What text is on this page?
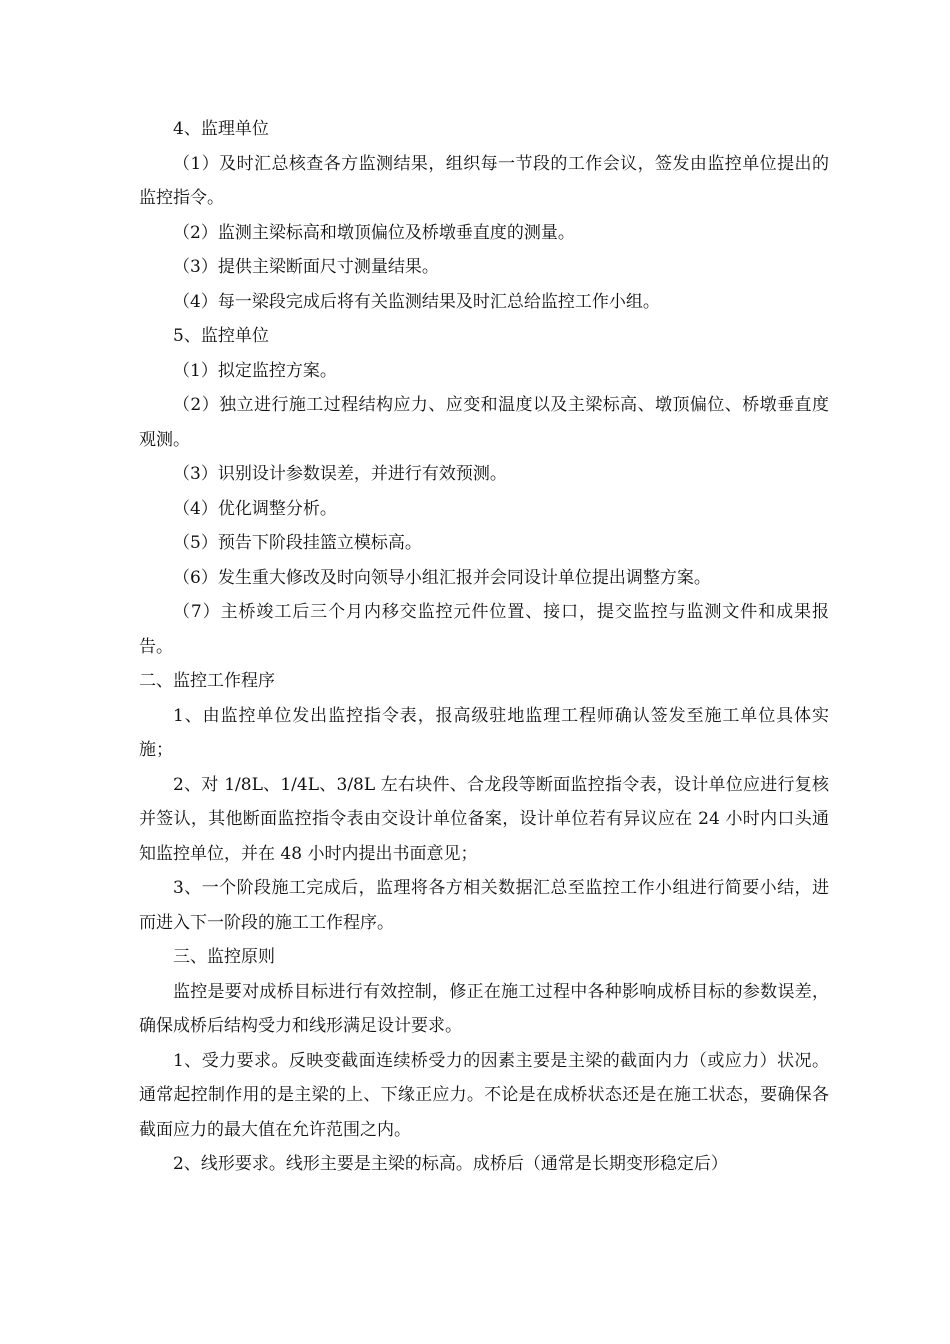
4、监理单位

（1）及时汇总核查各方监测结果，组织每一节段的工作会议，签发由监控单位提出的监控指令。

（2）监测主梁标高和墩顶偏位及桥墩垂直度的测量。

（3）提供主梁断面尺寸测量结果。

（4）每一梁段完成后将有关监测结果及时汇总给监控工作小组。

5、监控单位

（1）拟定监控方案。

（2）独立进行施工过程结构应力、应变和温度以及主梁标高、墩顶偏位、桥墩垂直度观测。

（3）识别设计参数误差，并进行有效预测。

（4）优化调整分析。

（5）预告下阶段挂篮立模标高。

（6）发生重大修改及时向领导小组汇报并会同设计单位提出调整方案。

（7）主桥竣工后三个月内移交监控元件位置、接口，提交监控与监测文件和成果报告。

二、监控工作程序

1、由监控单位发出监控指令表，报高级驻地监理工程师确认签发至施工单位具体实施；

2、对 1/8L、1/4L、3/8L 左右块件、合龙段等断面监控指令表，设计单位应进行复核并签认，其他断面监控指令表由交设计单位备案，设计单位若有异议应在 24 小时内口头通知监控单位，并在 48 小时内提出书面意见；

3、一个阶段施工完成后，监理将各方相关数据汇总至监控工作小组进行简要小结，进而进入下一阶段的施工工作程序。

三、监控原则

监控是要对成桥目标进行有效控制，修正在施工过程中各种影响成桥目标的参数误差，确保成桥后结构受力和线形满足设计要求。

1、受力要求。反映变截面连续桥受力的因素主要是主梁的截面内力（或应力）状况。通常起控制作用的是主梁的上、下缘正应力。不论是在成桥状态还是在施工状态，要确保各截面应力的最大值在允许范围之内。

2、线形要求。线形主要是主梁的标高。成桥后（通常是长期变形稳定后）
